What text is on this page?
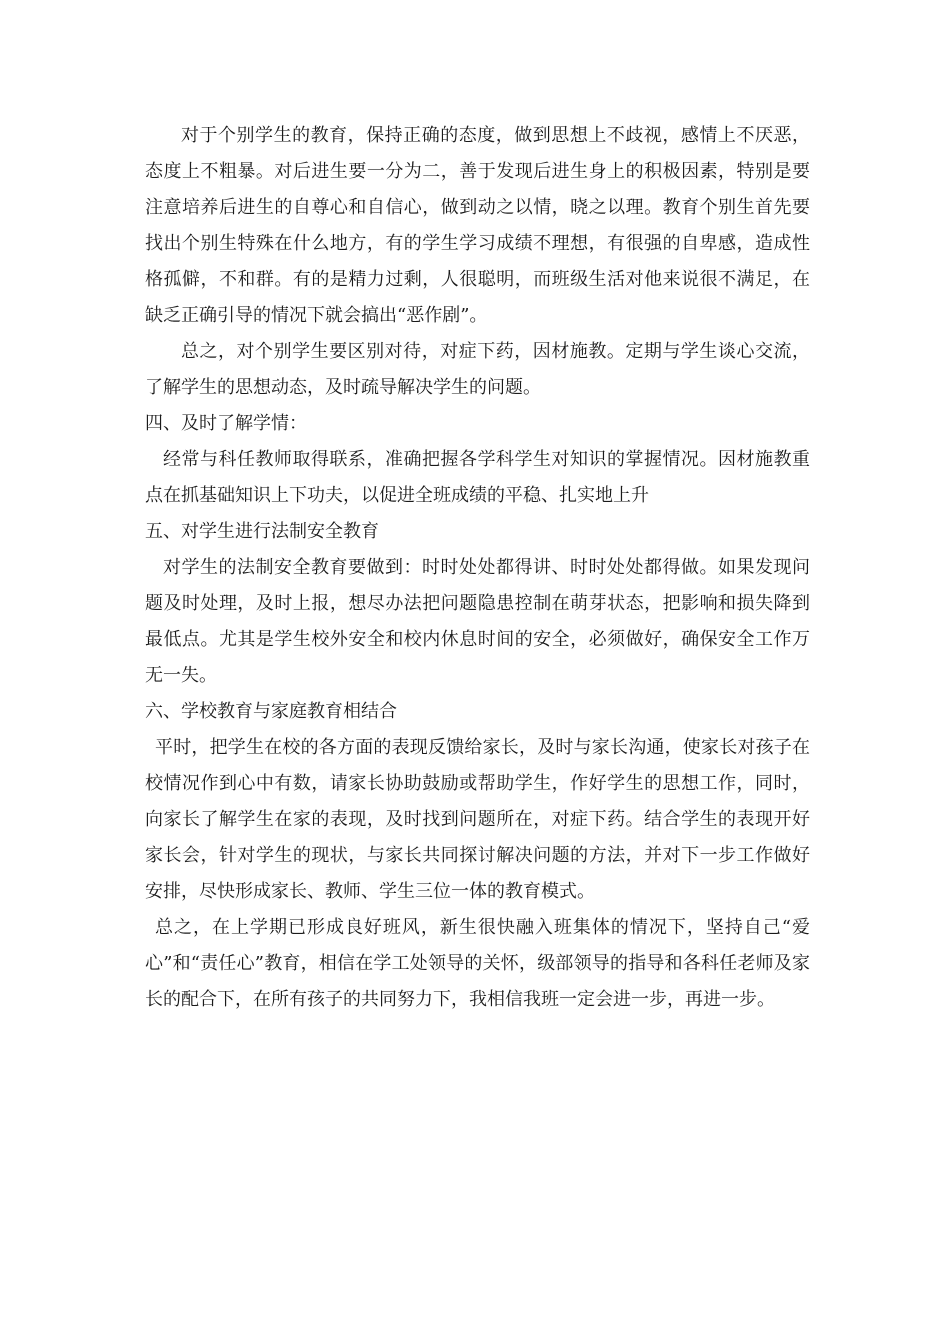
对于个别学生的教育，保持正确的态度，做到思想上不歧视，感情上不厌恶，态度上不粗暴。对后进生要一分为二，善于发现后进生身上的积极因素，特别是要注意培养后进生的自尊心和自信心，做到动之以情，晓之以理。教育个别生首先要找出个别生特殊在什么地方，有的学生学习成绩不理想，有很强的自卑感，造成性格孤僻，不和群。有的是精力过剩，人很聪明，而班级生活对他来说很不满足，在缺乏正确引导的情况下就会搞出“恶作剧”。

总之，对个别学生要区别对待，对症下药，因材施教。定期与学生谈心交流，了解学生的思想动态，及时疏导解决学生的问题。

四、及时了解学情：

经常与科任教师取得联系，准确把握各学科学生对知识的掌握情况。因材施教重点在抓基础知识上下功夫，以促进全班成绩的平稳、扎实地上升

五、对学生进行法制安全教育

对学生的法制安全教育要做到：时时处处都得讲、时时处处都得做。如果发现问题及时处理，及时上报，想尽办法把问题隐患控制在萌芽状态，把影响和损失降到最低点。尤其是学生校外安全和校内休息时间的安全，必须做好，确保安全工作万无一失。

六、学校教育与家庭教育相结合

平时，把学生在校的各方面的表现反馈给家长，及时与家长沟通，使家长对孩子在校情况作到心中有数，请家长协助鼓励或帮助学生，作好学生的思想工作，同时，向家长了解学生在家的表现，及时找到问题所在，对症下药。结合学生的表现开好家长会，针对学生的现状，与家长共同探讨解决问题的方法，并对下一步工作做好安排，尽快形成家长、教师、学生三位一体的教育模式。

总之，在上学期已形成良好班风，新生很快融入班集体的情况下，坚持自己“爱心”和“责任心”教育，相信在学工处领导的关怀，级部领导的指导和各科任老师及家长的配合下，在所有孩子的共同努力下，我相信我班一定会进一步，再进一步。
